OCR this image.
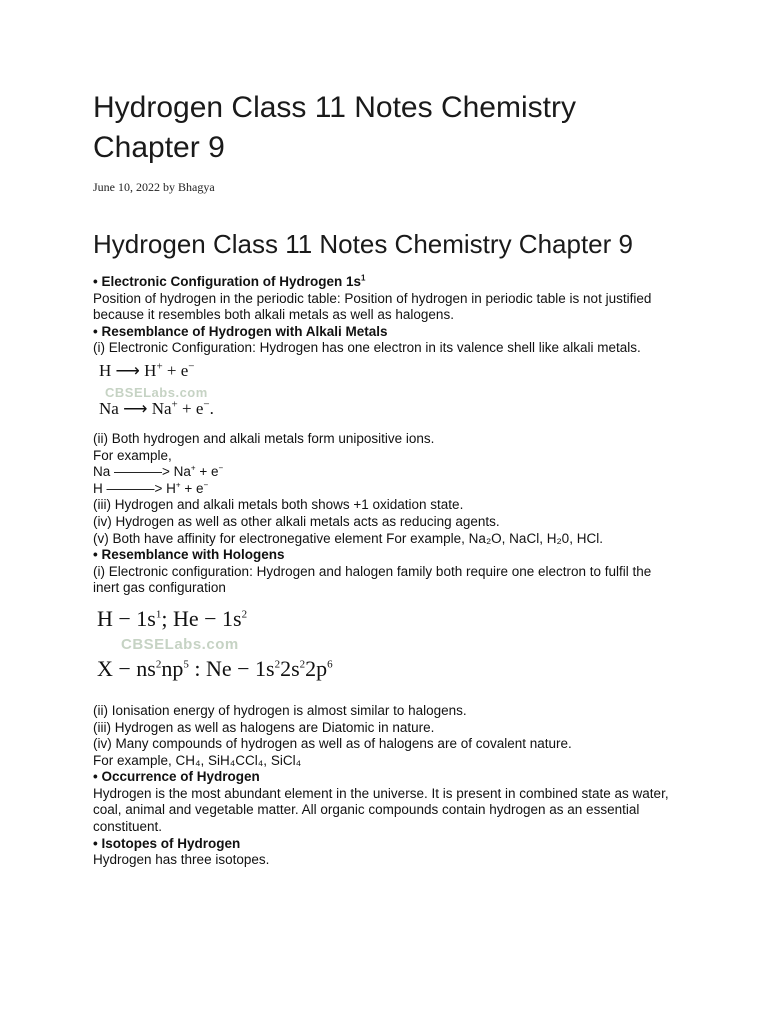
Hydrogen Class 11 Notes Chemistry Chapter 9
June 10, 2022 by Bhagya
Hydrogen Class 11 Notes Chemistry Chapter 9

• Electronic Configuration of Hydrogen $1s^1$

Position of hydrogen in the periodic table: Position of hydrogen in periodic table is not justified because it resembles both alkali metals as well as halogens.

• Resemblance of Hydrogen with Alkali Metals

(i) Electronic Configuration: Hydrogen has one electron in its valence shell like alkali metals.

H ⟶ H+ + e−
CBSELabs.com
Na ⟶ Na+ + e−.

(ii) Both hydrogen and alkali metals form unipositive ions.

For example,

Na ———–> Na+ + e−

H ———–> H+ + e−

(iii) Hydrogen and alkali metals both shows +1 oxidation state.

(iv) Hydrogen as well as other alkali metals acts as reducing agents.

(v) Both have affinity for electronegative element For example, Na₂O, NaCl, H₂0, HCl.

• Resemblance with Hologens

(i) Electronic configuration: Hydrogen and halogen family both require one electron to fulfil the inert gas configuration

$H - 1s^1$; $He - 1s^2$
CBSELabs.com
$X - ns^2np^5$ : $Ne - 1s^22s^22p^6$

(ii) Ionisation energy of hydrogen is almost similar to halogens.

(iii) Hydrogen as well as halogens are Diatomic in nature.

(iv) Many compounds of hydrogen as well as of halogens are of covalent nature.

For example, CH₄, SiH₄CCl₄, SiCl₄

• Occurrence of Hydrogen

Hydrogen is the most abundant element in the universe. It is present in combined state as water, coal, animal and vegetable matter. All organic compounds contain hydrogen as an essential constituent.

• Isotopes of Hydrogen

Hydrogen has three isotopes.
